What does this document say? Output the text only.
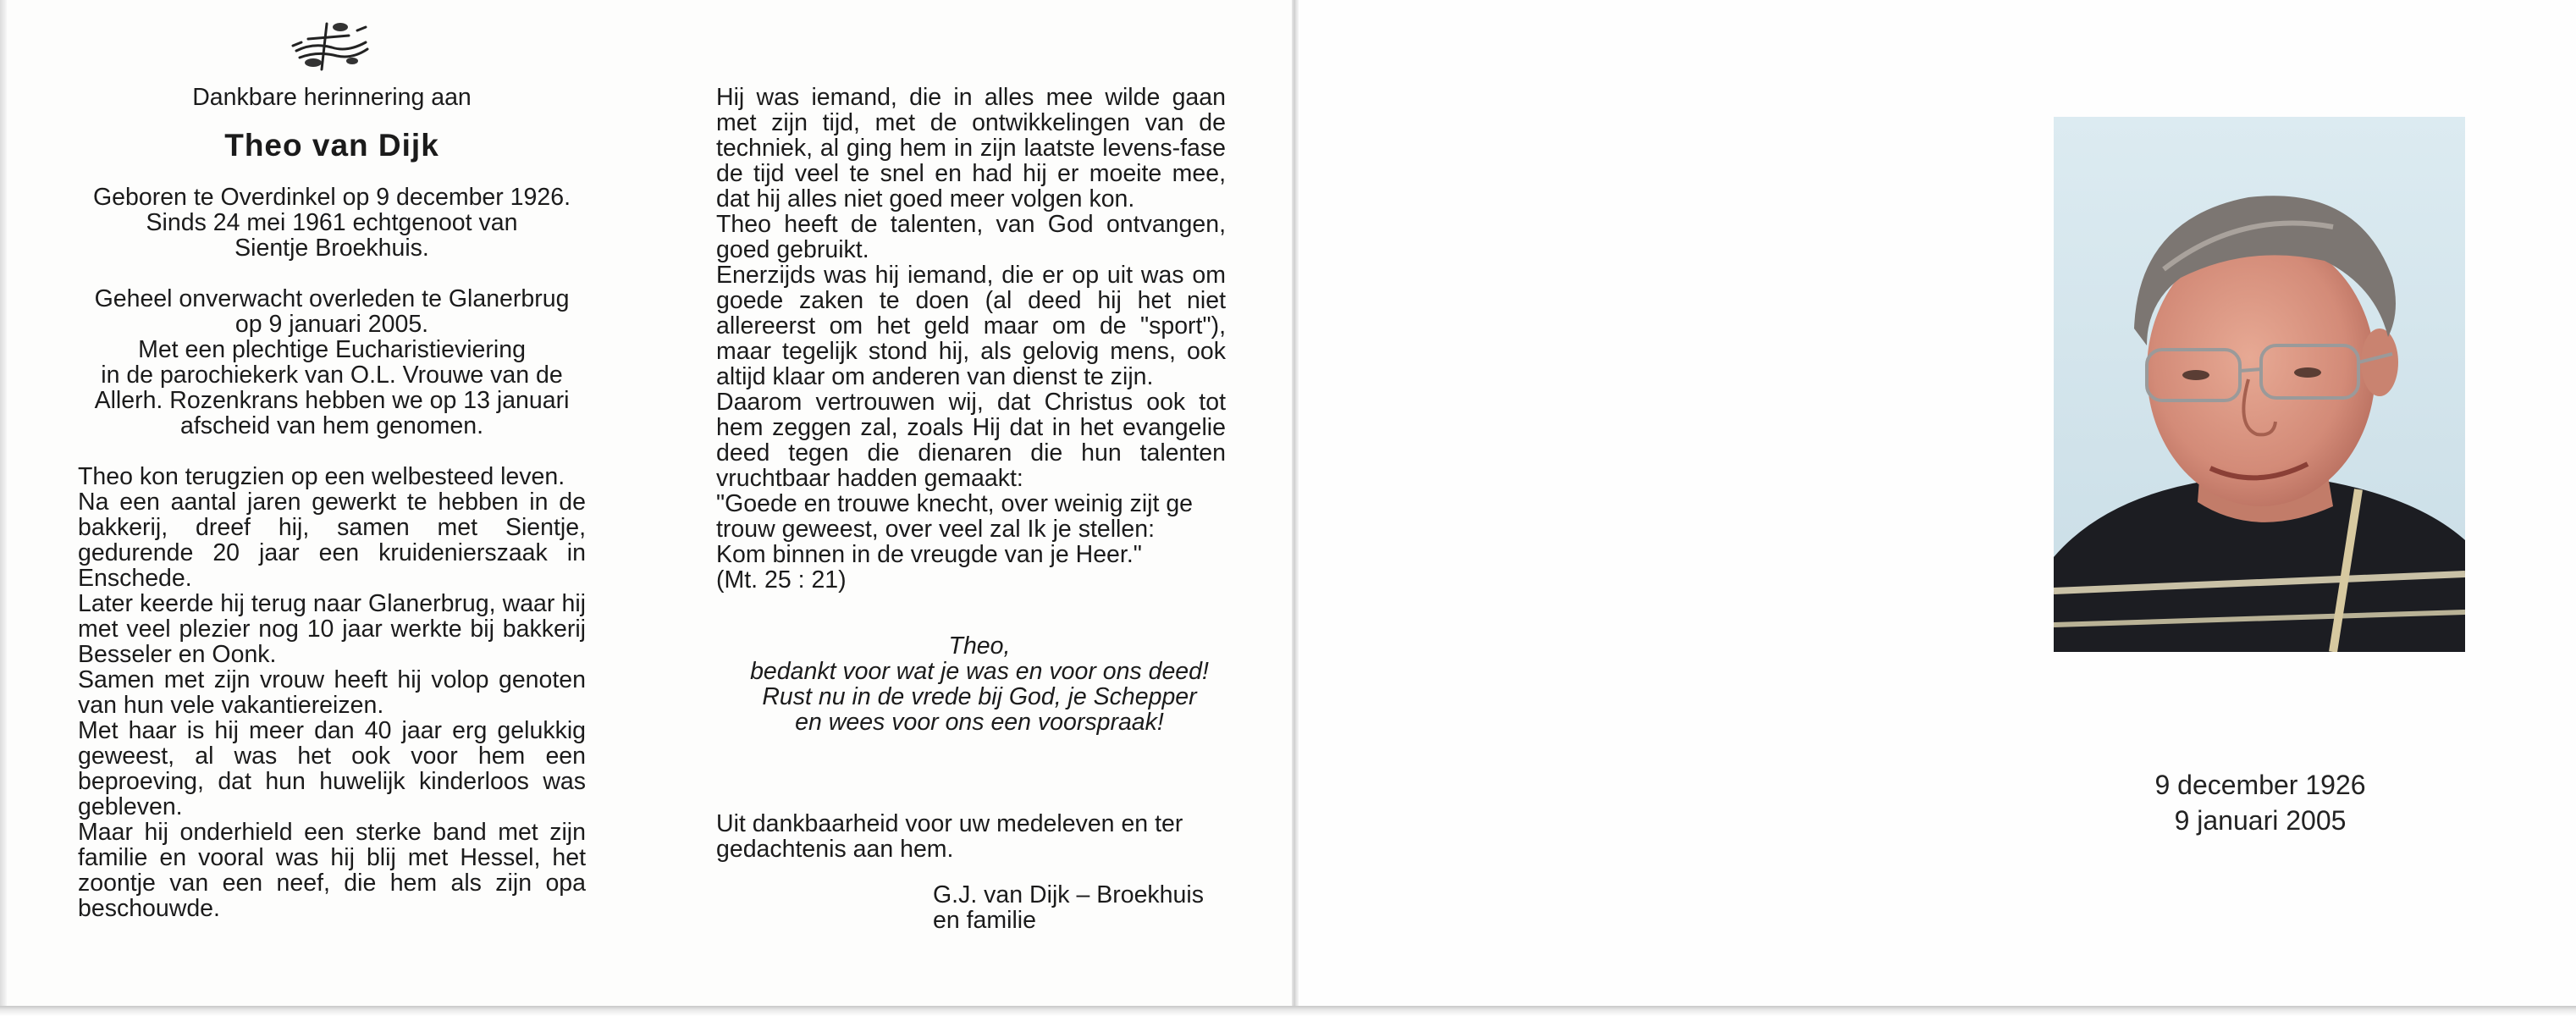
Dankbare herinnering aan

Theo van Dijk

Geboren te Overdinkel op 9 december 1926.

Sinds 24 mei 1961 echtgenoot van

Sientje Broekhuis.

Geheel onverwacht overleden te Glanerbrug

op 9 januari 2005.

Met een plechtige Eucharistieviering

in de parochiekerk van O.L. Vrouwe van de

Allerh. Rozenkrans hebben we op 13 januari

afscheid van hem genomen.

Theo kon terugzien op een welbesteed leven.

Na een aantal jaren gewerkt te hebben in de bakkerij, dreef hij, samen met Sientje, gedurende 20 jaar een kruidenierszaak in Enschede.

Later keerde hij terug naar Glanerbrug, waar hij met veel plezier nog 10 jaar werkte bij bakkerij Besseler en Oonk.

Samen met zijn vrouw heeft hij volop genoten van hun vele vakantiereizen.

Met haar is hij meer dan 40 jaar erg gelukkig geweest, al was het ook voor hem een beproeving, dat hun huwelijk kinderloos was gebleven.

Maar hij onderhield een sterke band met zijn familie en vooral was hij blij met Hessel, het zoontje van een neef, die hem als zijn opa beschouwde.

Hij was iemand, die in alles mee wilde gaan met zijn tijd, met de ontwikkelingen van de techniek, al ging hem in zijn laatste levens-fase de tijd veel te snel en had hij er moeite mee, dat hij alles niet goed meer volgen kon.

Theo heeft de talenten, van God ontvangen, goed gebruikt.

Enerzijds was hij iemand, die er op uit was om goede zaken te doen (al deed hij het niet allereerst om het geld maar om de "sport"), maar tegelijk stond hij, als gelovig mens, ook altijd klaar om anderen van dienst te zijn.

Daarom vertrouwen wij, dat Christus ook tot hem zeggen zal, zoals Hij dat in het evangelie deed tegen die dienaren die hun talenten vruchtbaar hadden gemaakt:

"Goede en trouwe knecht, over weinig zijt ge

trouw geweest, over veel zal Ik je stellen:

Kom binnen in de vreugde van je Heer."

(Mt. 25 : 21)

Theo,

bedankt voor wat je was en voor ons deed!

Rust nu in de vrede bij God, je Schepper

en wees voor ons een voorspraak!

Uit dankbaarheid voor uw medeleven en ter

gedachtenis aan hem.

G.J. van Dijk – Broekhuis

en familie

9 december 1926

9 januari 2005
